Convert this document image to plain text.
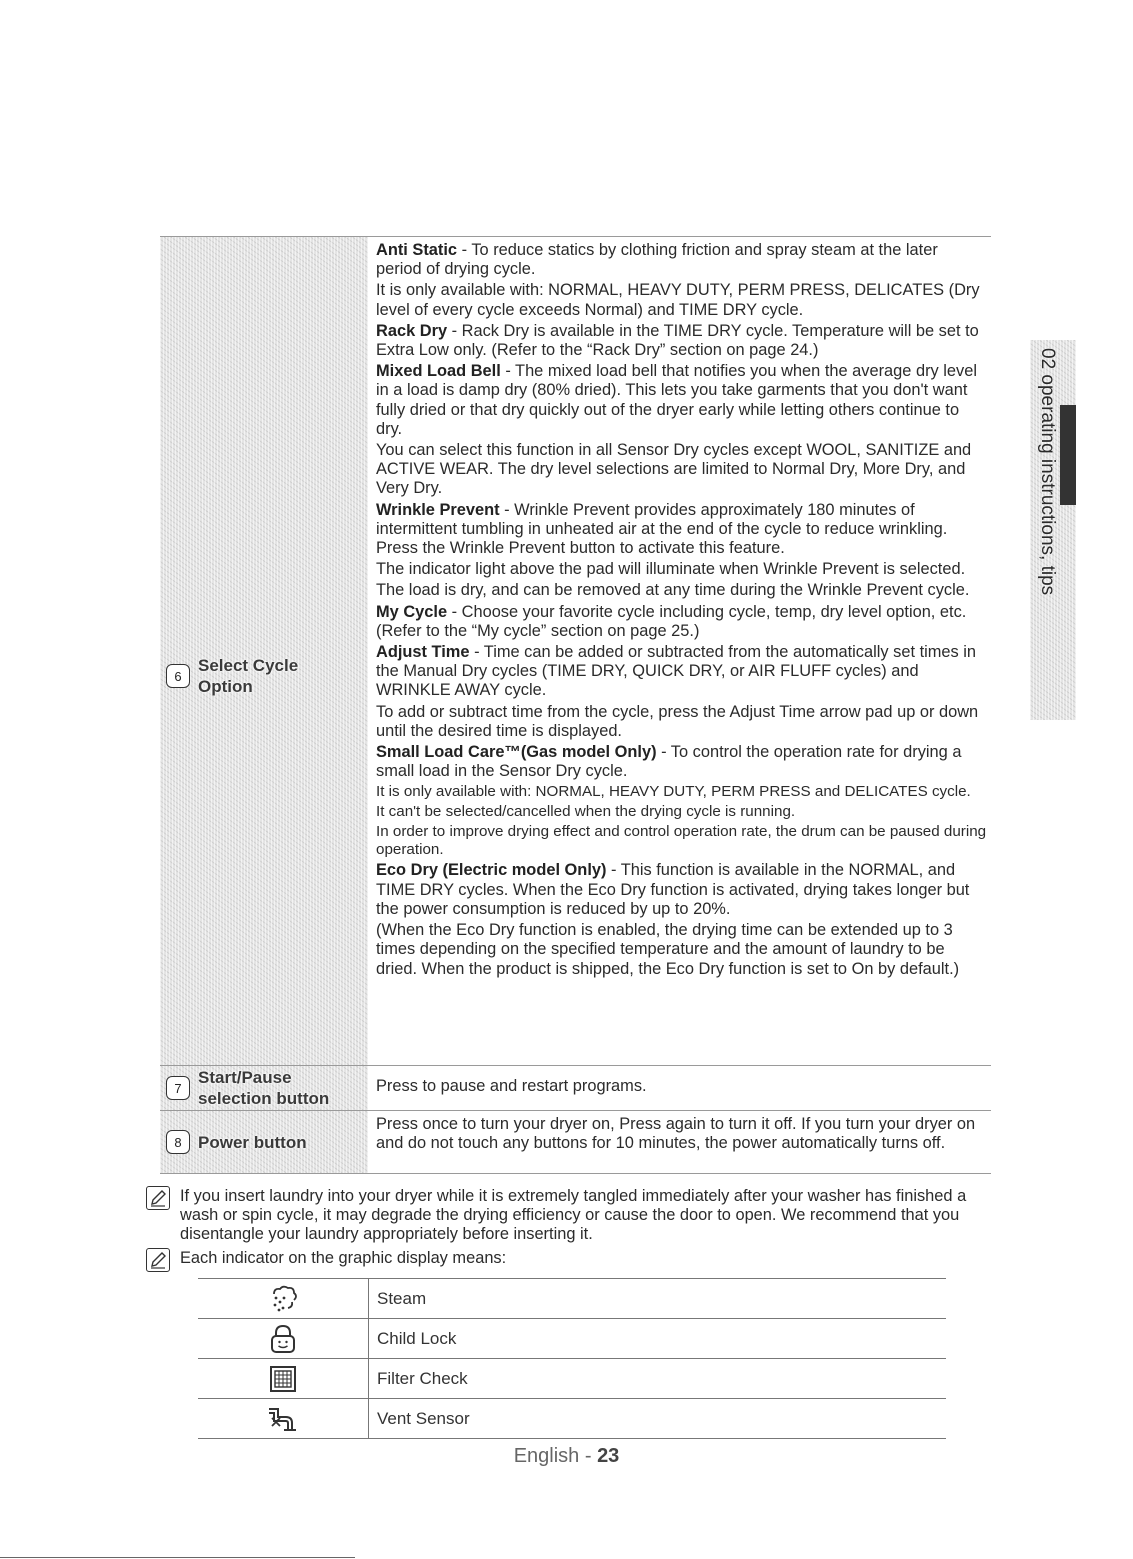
6
Select Cycle Option

Anti Static - To reduce statics by clothing friction and spray steam at the later period of drying cycle.

It is only available with: NORMAL, HEAVY DUTY, PERM PRESS, DELICATES (Dry level of every cycle exceeds Normal) and TIME DRY cycle.

Rack Dry - Rack Dry is available in the TIME DRY cycle. Temperature will be set to Extra Low only. (Refer to the “Rack Dry” section on page 24.)

Mixed Load Bell - The mixed load bell that notifies you when the average dry level in a load is damp dry (80% dried). This lets you take garments that you don't want fully dried or that dry quickly out of the dryer early while letting others continue to dry.

You can select this function in all Sensor Dry cycles except WOOL, SANITIZE and ACTIVE WEAR. The dry level selections are limited to Normal Dry, More Dry, and Very Dry.

Wrinkle Prevent - Wrinkle Prevent provides approximately 180 minutes of intermittent tumbling in unheated air at the end of the cycle to reduce wrinkling. Press the Wrinkle Prevent button to activate this feature.

The indicator light above the pad will illuminate when Wrinkle Prevent is selected.

The load is dry, and can be removed at any time during the Wrinkle Prevent cycle.

My Cycle - Choose your favorite cycle including cycle, temp, dry level option, etc. (Refer to the “My cycle” section on page 25.)

Adjust Time - Time can be added or subtracted from the automatically set times in the Manual Dry cycles (TIME DRY, QUICK DRY, or AIR FLUFF cycles) and WRINKLE AWAY cycle.

To add or subtract time from the cycle, press the Adjust Time arrow pad up or down until the desired time is displayed.

Small Load Care™(Gas model Only) - To control the operation rate for drying a small load in the Sensor Dry cycle.

It is only available with: NORMAL, HEAVY DUTY, PERM PRESS and DELICATES cycle.

It can't be selected/cancelled when the drying cycle is running.

In order to improve drying effect and control operation rate, the drum can be paused during operation.

Eco Dry (Electric model Only) - This function is available in the NORMAL, and TIME DRY cycles. When the Eco Dry function is activated, drying takes longer but the power consumption is reduced by up to 20%.

(When the Eco Dry function is enabled, the drying time can be extended up to 3 times depending on the specified temperature and the amount of laundry to be dried. When the product is shipped, the Eco Dry function is set to On by default.)

7
Start/Pause selection button

Press to pause and restart programs.

8 Power button

Press once to turn your dryer on, Press again to turn it off. If you turn your dryer on and do not touch any buttons for 10 minutes, the power automatically turns off.

If you insert laundry into your dryer while it is extremely tangled immediately after your washer has finished a wash or spin cycle, it may degrade the drying efficiency or cause the door to open. We recommend that you disentangle your laundry appropriately before inserting it.
Each indicator on the graphic display means:
Steam
Child Lock
Filter Check
Vent Sensor
02 operating instructions, tips
English - 23
